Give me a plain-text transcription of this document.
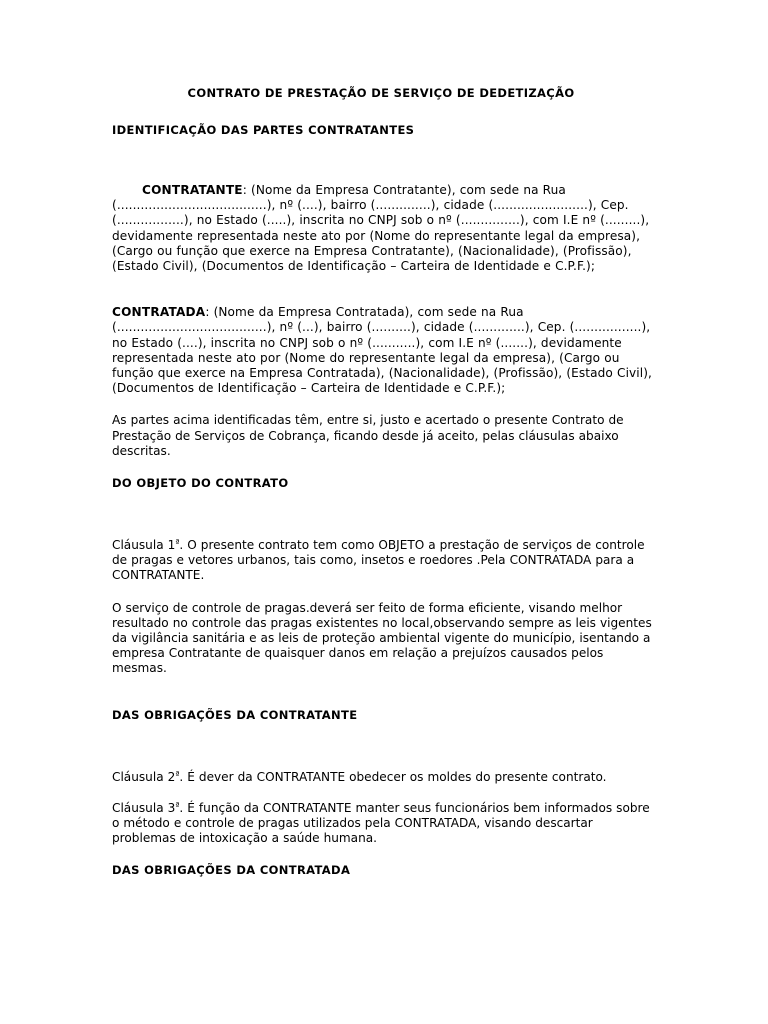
CONTRATO DE PRESTAÇÃO DE SERVIÇO DE DEDETIZAÇÃO
IDENTIFICAÇÃO DAS PARTES CONTRATANTES

CONTRATANTE: (Nome da Empresa Contratante), com sede na Rua (......................................), nº (....), bairro (..............), cidade (........................), Cep. (.................), no Estado (.....), inscrita no CNPJ sob o nº (...............), com I.E nº (.........), devidamente representada neste ato por (Nome do representante legal da empresa), (Cargo ou função que exerce na Empresa Contratante), (Nacionalidade), (Profissão), (Estado Civil), (Documentos de Identificação – Carteira de Identidade e C.P.F.);

CONTRATADA: (Nome da Empresa Contratada), com sede na Rua (......................................), nº (...), bairro (..........), cidade (.............), Cep. (.................), no Estado (....), inscrita no CNPJ sob o nº (...........), com I.E nº (.......), devidamente representada neste ato por (Nome do representante legal da empresa), (Cargo ou função que exerce na Empresa Contratada), (Nacionalidade), (Profissão), (Estado Civil), (Documentos de Identificação – Carteira de Identidade e C.P.F.);

As partes acima identificadas têm, entre si, justo e acertado o presente Contrato de Prestação de Serviços de Cobrança, ficando desde já aceito, pelas cláusulas abaixo descritas.

DO OBJETO DO CONTRATO

Cláusula $1^ª$. O presente contrato tem como OBJETO a prestação de serviços de controle de pragas e vetores urbanos, tais como, insetos e roedores .Pela CONTRATADA para a CONTRATANTE.

O serviço de controle de pragas.deverá ser feito de forma eficiente, visando melhor resultado no controle das pragas existentes no local,observando sempre as leis vigentes da vigilância sanitária e as leis de proteção ambiental vigente do município, isentando a empresa Contratante de quaisquer danos em relação a prejuízos causados pelos mesmas.

DAS OBRIGAÇÕES DA CONTRATANTE

Cláusula $2^ª$. É dever da CONTRATANTE obedecer os moldes do presente contrato.

Cláusula $3^ª$. É função da CONTRATANTE manter seus funcionários bem informados sobre o método e controle de pragas utilizados pela CONTRATADA, visando descartar problemas de intoxicação a saúde humana.

DAS OBRIGAÇÕES DA CONTRATADA
